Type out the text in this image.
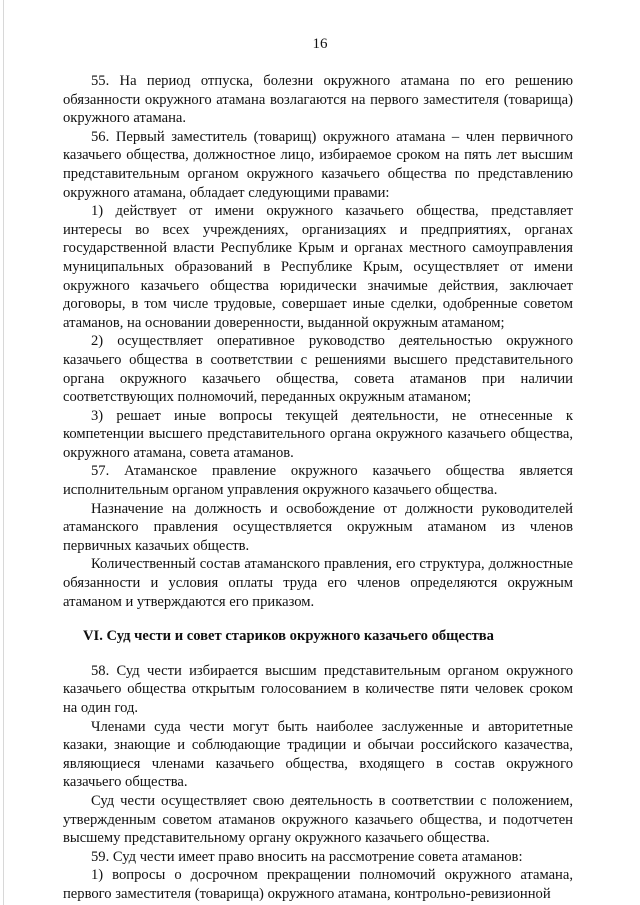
16

55. На период отпуска, болезни окружного атамана по его решению обязанности окружного атамана возлагаются на первого заместителя (товарища) окружного атамана.

56. Первый заместитель (товарищ) окружного атамана – член первичного казачьего общества, должностное лицо, избираемое сроком на пять лет высшим представительным органом окружного казачьего общества по представлению окружного атамана, обладает следующими правами:

1) действует от имени окружного казачьего общества, представляет интересы во всех учреждениях, организациях и предприятиях, органах государственной власти Республике Крым и органах местного самоуправления муниципальных образований в Республике Крым, осуществляет от имени окружного казачьего общества юридически значимые действия, заключает договоры, в том числе трудовые, совершает иные сделки, одобренные советом атаманов, на основании доверенности, выданной окружным атаманом;

2) осуществляет оперативное руководство деятельностью окружного казачьего общества в соответствии с решениями высшего представительного органа окружного казачьего общества, совета атаманов при наличии соответствующих полномочий, переданных окружным атаманом;

3) решает иные вопросы текущей деятельности, не отнесенные к компетенции высшего представительного органа окружного казачьего общества, окружного атамана, совета атаманов.

57. Атаманское правление окружного казачьего общества является исполнительным органом управления окружного казачьего общества.

Назначение на должность и освобождение от должности руководителей атаманского правления осуществляется окружным атаманом из членов первичных казачьих обществ.

Количественный состав атаманского правления, его структура, должностные обязанности и условия оплаты труда его членов определяются окружным атаманом и утверждаются его приказом.

VI. Суд чести и совет стариков окружного казачьего общества

58. Суд чести избирается высшим представительным органом окружного казачьего общества открытым голосованием в количестве пяти человек сроком на один год.

Членами суда чести могут быть наиболее заслуженные и авторитетные казаки, знающие и соблюдающие традиции и обычаи российского казачества, являющиеся членами казачьего общества, входящего в состав окружного казачьего общества.

Суд чести осуществляет свою деятельность в соответствии с положением, утвержденным советом атаманов окружного казачьего общества, и подотчетен высшему представительному органу окружного казачьего общества.

59. Суд чести имеет право вносить на рассмотрение совета атаманов:

1) вопросы о досрочном прекращении полномочий окружного атамана, первого заместителя (товарища) окружного атамана, контрольно-ревизионной
